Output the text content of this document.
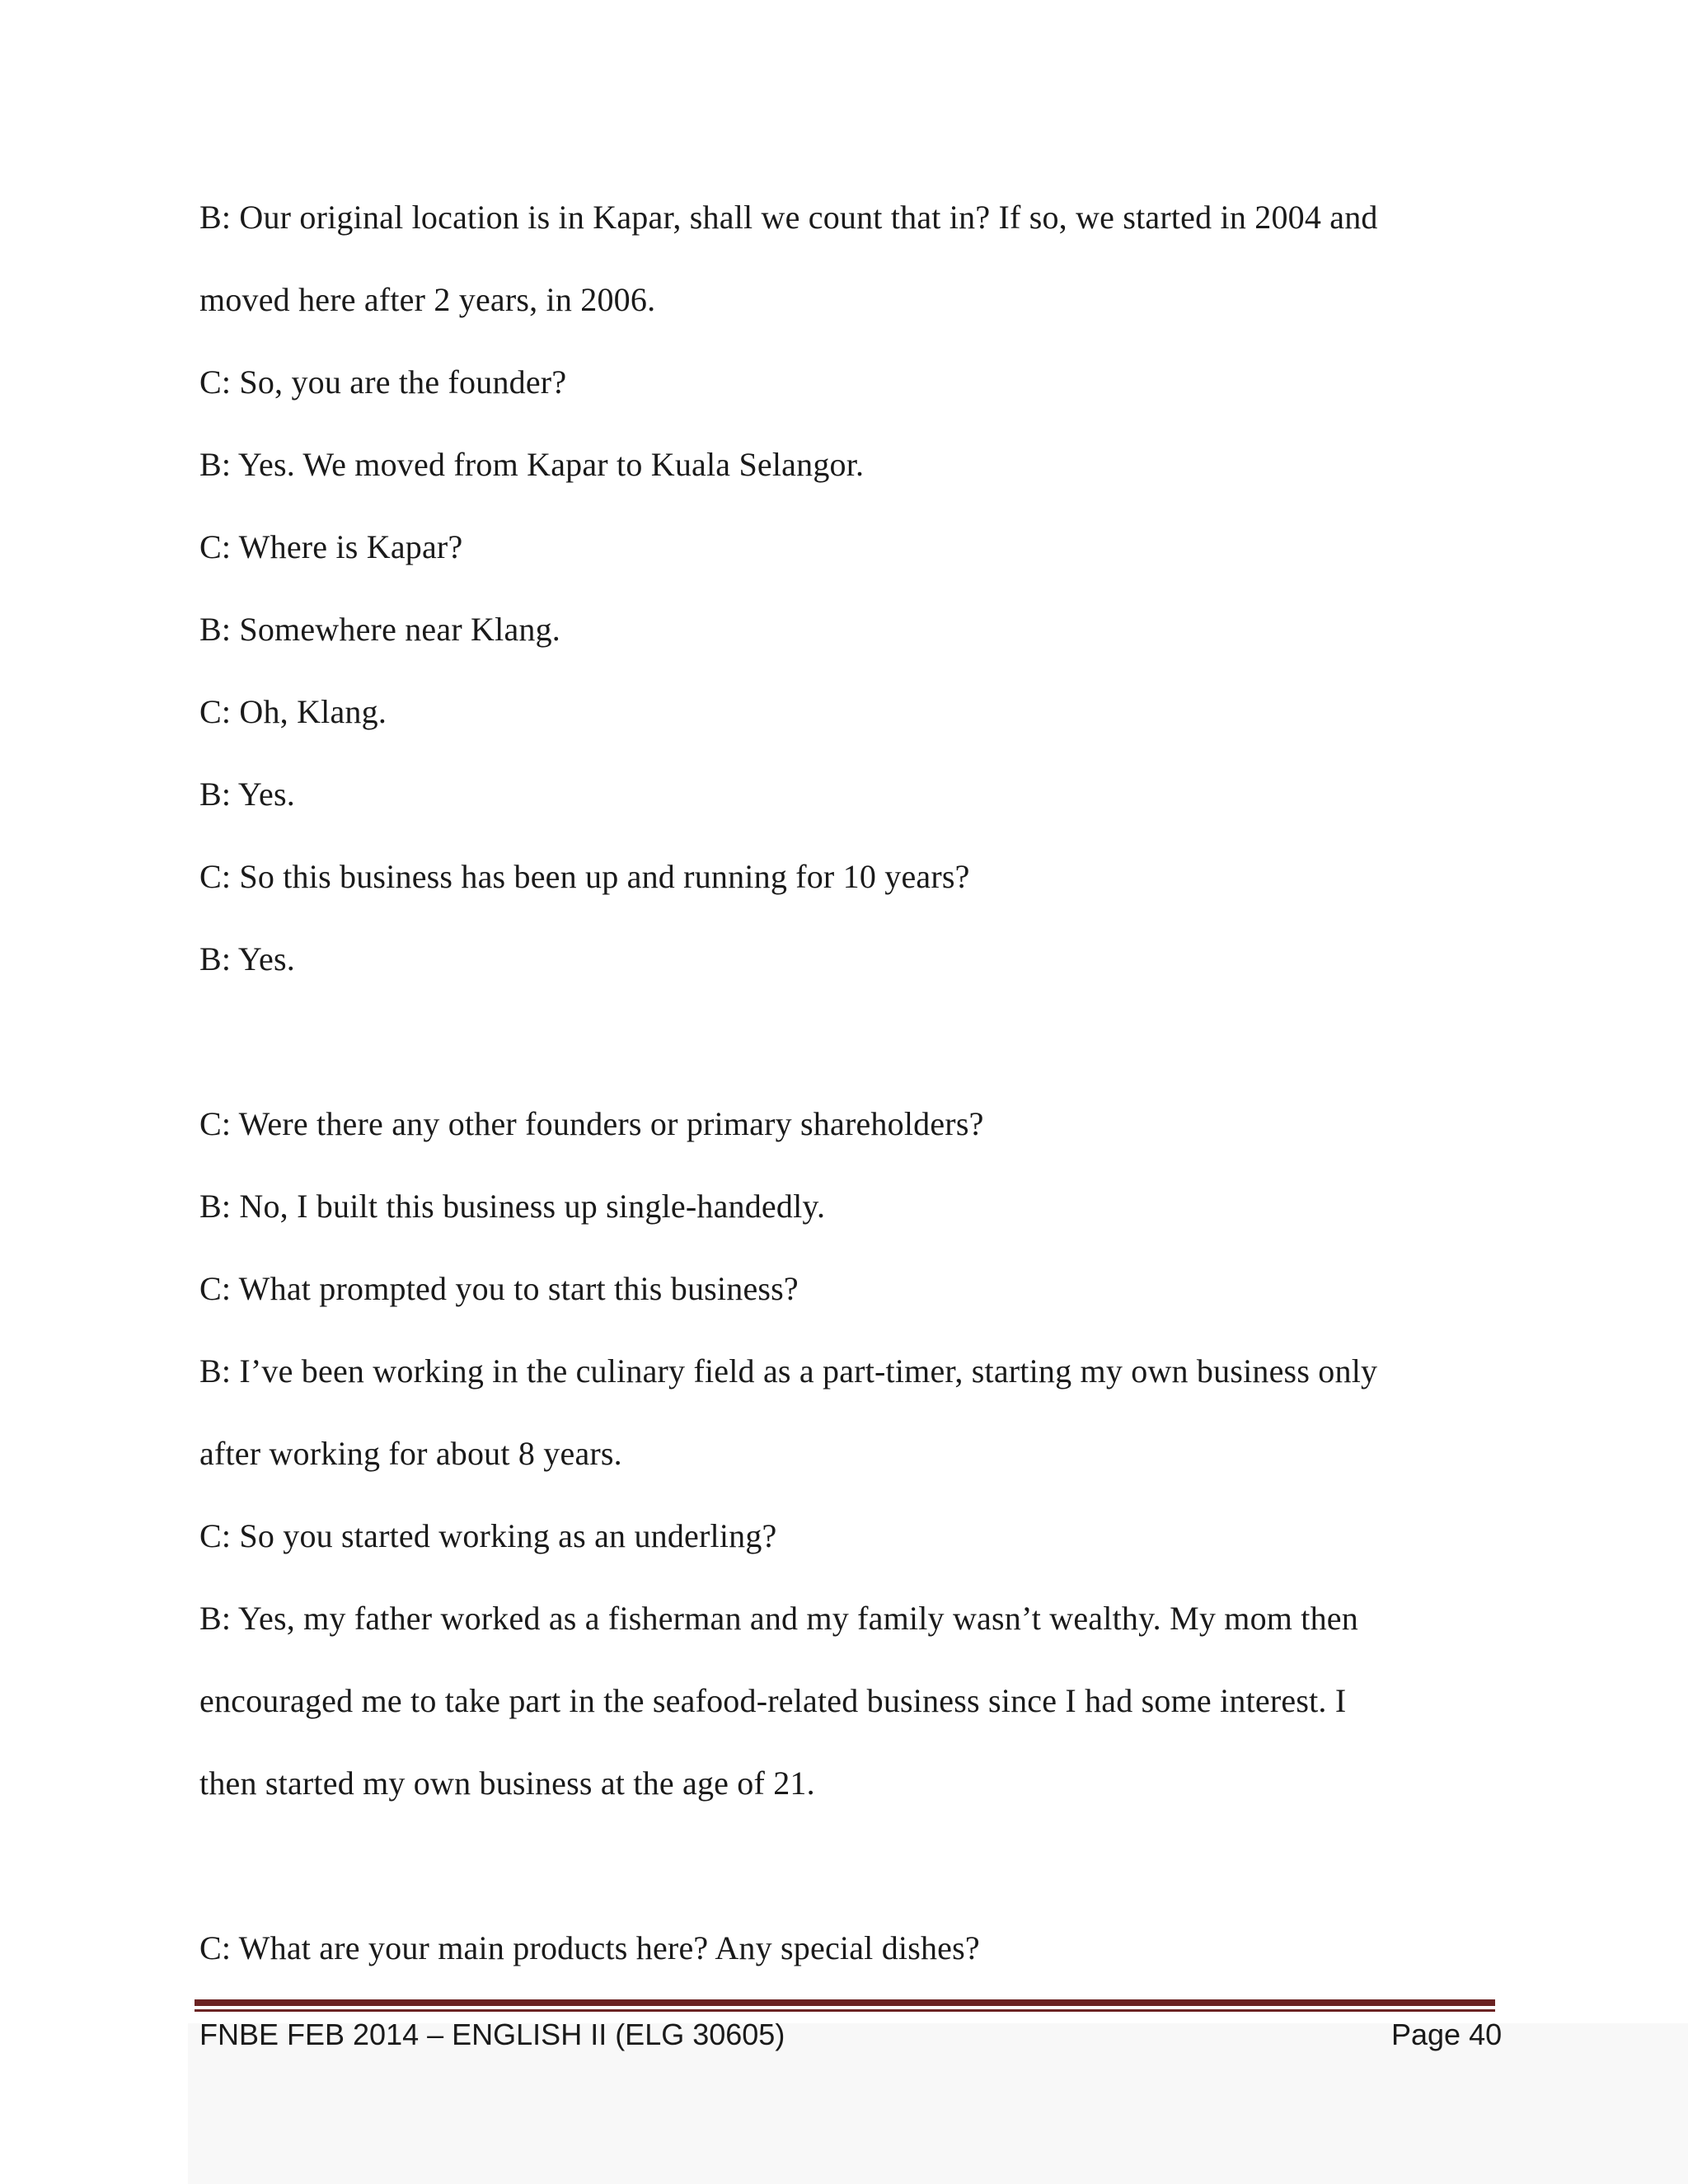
B: Our original location is in Kapar, shall we count that in? If so, we started in 2004 and
moved here after 2 years, in 2006.
C: So, you are the founder?
B: Yes. We moved from Kapar to Kuala Selangor.
C: Where is Kapar?
B: Somewhere near Klang.
C: Oh, Klang.
B: Yes.
C: So this business has been up and running for 10 years?
B: Yes.
C: Were there any other founders or primary shareholders?
B: No, I built this business up single-handedly.
C: What prompted you to start this business?
B: I’ve been working in the culinary field as a part-timer, starting my own business only
after working for about 8 years.
C: So you started working as an underling?
B: Yes, my father worked as a fisherman and my family wasn’t wealthy. My mom then
encouraged me to take part in the seafood-related business since I had some interest. I
then started my own business at the age of 21.
C: What are your main products here? Any special dishes?
FNBE FEB 2014 – ENGLISH II (ELG 30605)	Page 40
